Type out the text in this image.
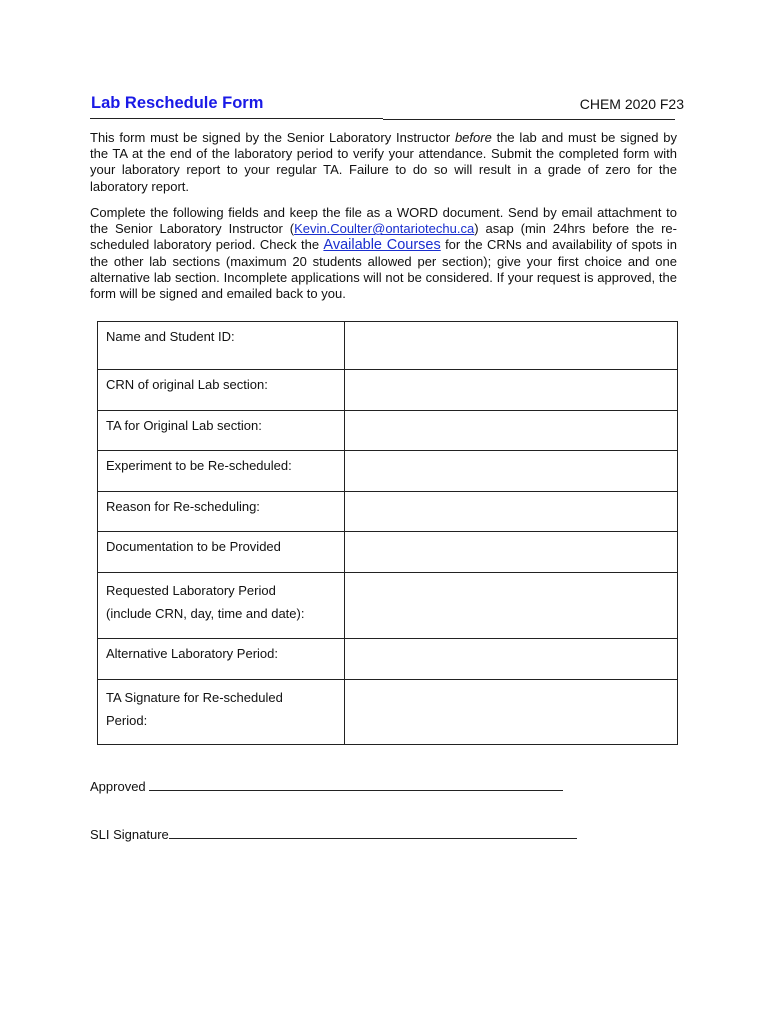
Lab Reschedule Form	CHEM 2020 F23

This form must be signed by the Senior Laboratory Instructor before the lab and must be signed by the TA at the end of the laboratory period to verify your attendance. Submit the completed form with your laboratory report to your regular TA. Failure to do so will result in a grade of zero for the laboratory report.

Complete the following fields and keep the file as a WORD document. Send by email attachment to the Senior Laboratory Instructor (Kevin.Coulter@ontariotechu.ca) asap (min 24hrs before the re-scheduled laboratory period. Check the Available Courses for the CRNs and availability of spots in the other lab sections (maximum 20 students allowed per section); give your first choice and one alternative lab section. Incomplete applications will not be considered. If your request is approved, the form will be signed and emailed back to you.

Name and Student ID:	
CRN of original Lab section:	
TA for Original Lab section:	
Experiment to be Re-scheduled:	
Reason for Re-scheduling:	
Documentation to be Provided	
Requested Laboratory Period
(include CRN, day, time and date):	
Alternative Laboratory Period:	
TA Signature for Re-scheduled
Period:	
Approved
SLI Signature
